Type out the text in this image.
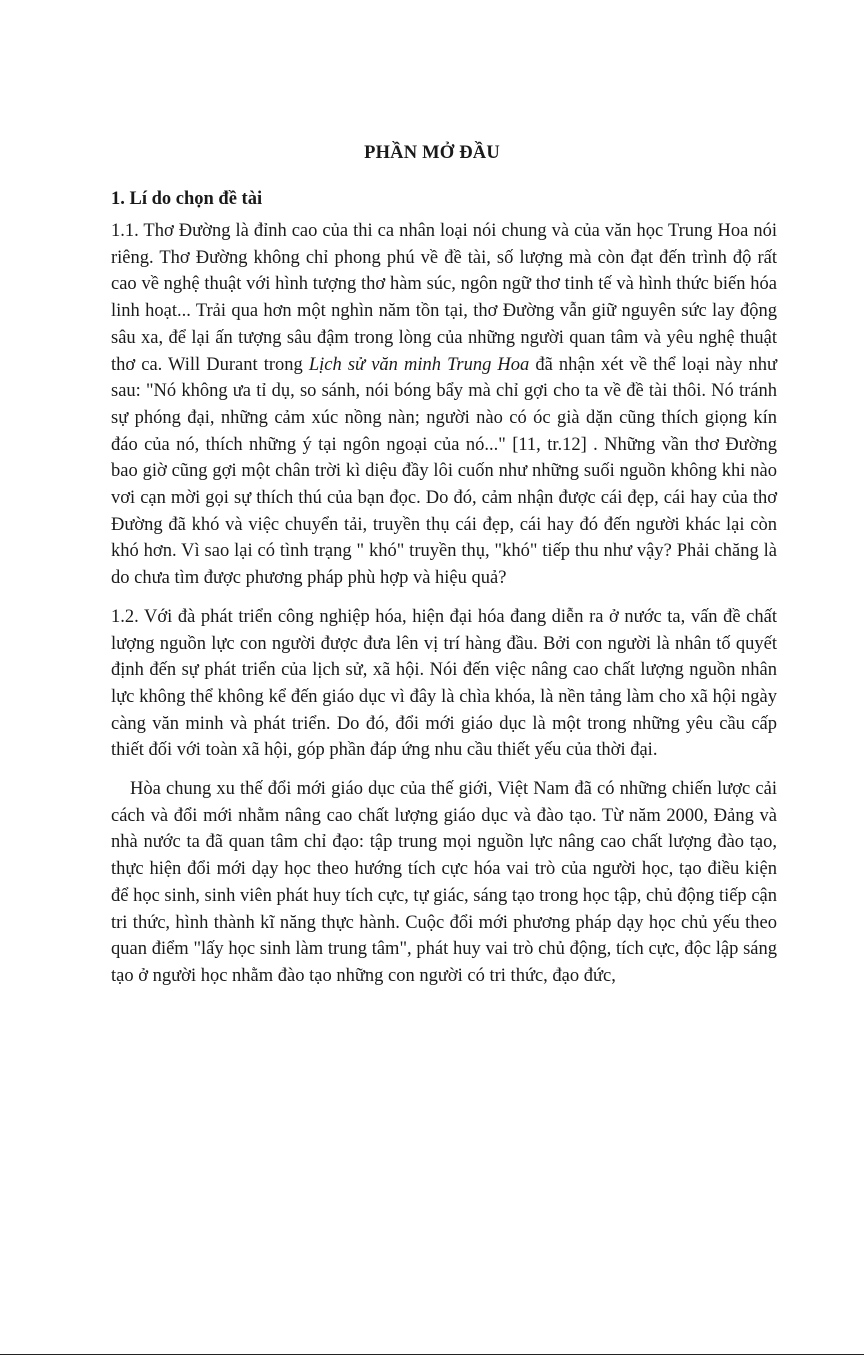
PHẦN MỞ ĐẦU
1. Lí do chọn đề tài

1.1. Thơ Đường là đỉnh cao của thi ca nhân loại nói chung và của văn học Trung Hoa nói riêng. Thơ Đường không chỉ phong phú về đề tài, số lượng mà còn đạt đến trình độ rất cao về nghệ thuật với hình tượng thơ hàm súc, ngôn ngữ thơ tinh tế và hình thức biến hóa linh hoạt... Trải qua hơn một nghìn năm tồn tại, thơ Đường vẫn giữ nguyên sức lay động sâu xa, để lại ấn tượng sâu đậm trong lòng của những người quan tâm và yêu nghệ thuật thơ ca. Will Durant trong Lịch sử văn minh Trung Hoa đã nhận xét về thể loại này như sau: "Nó không ưa tỉ dụ, so sánh, nói bóng bẩy mà chỉ gợi cho ta về đề tài thôi. Nó tránh sự phóng đại, những cảm xúc nồng nàn; người nào có óc già dặn cũng thích giọng kín đáo của nó, thích những ý tại ngôn ngoại của nó..." [11, tr.12] . Những vần thơ Đường bao giờ cũng gợi một chân trời kì diệu đầy lôi cuốn như những suối nguồn không khi nào vơi cạn mời gọi sự thích thú của bạn đọc. Do đó, cảm nhận được cái đẹp, cái hay của thơ Đường đã khó và việc chuyển tải, truyền thụ cái đẹp, cái hay đó đến người khác lại còn khó hơn. Vì sao lại có tình trạng " khó" truyền thụ, "khó" tiếp thu như vậy? Phải chăng là do chưa tìm được phương pháp phù hợp và hiệu quả?

1.2. Với đà phát triển công nghiệp hóa, hiện đại hóa đang diễn ra ở nước ta, vấn đề chất lượng nguồn lực con người được đưa lên vị trí hàng đầu. Bởi con người là nhân tố quyết định đến sự phát triển của lịch sử, xã hội. Nói đến việc nâng cao chất lượng nguồn nhân lực không thể không kể đến giáo dục vì đây là chìa khóa, là nền tảng làm cho xã hội ngày càng văn minh và phát triển. Do đó, đổi mới giáo dục là một trong những yêu cầu cấp thiết đối với toàn xã hội, góp phần đáp ứng nhu cầu thiết yếu của thời đại.

Hòa chung xu thế đổi mới giáo dục của thế giới, Việt Nam đã có những chiến lược cải cách và đổi mới nhằm nâng cao chất lượng giáo dục và đào tạo. Từ năm 2000, Đảng và nhà nước ta đã quan tâm chỉ đạo: tập trung mọi nguồn lực nâng cao chất lượng đào tạo, thực hiện đổi mới dạy học theo hướng tích cực hóa vai trò của người học, tạo điều kiện để học sinh, sinh viên phát huy tích cực, tự giác, sáng tạo trong học tập, chủ động tiếp cận tri thức, hình thành kĩ năng thực hành. Cuộc đổi mới phương pháp dạy học chủ yếu theo quan điểm "lấy học sinh làm trung tâm", phát huy vai trò chủ động, tích cực, độc lập sáng tạo ở người học nhằm đào tạo những con người có tri thức, đạo đức,
